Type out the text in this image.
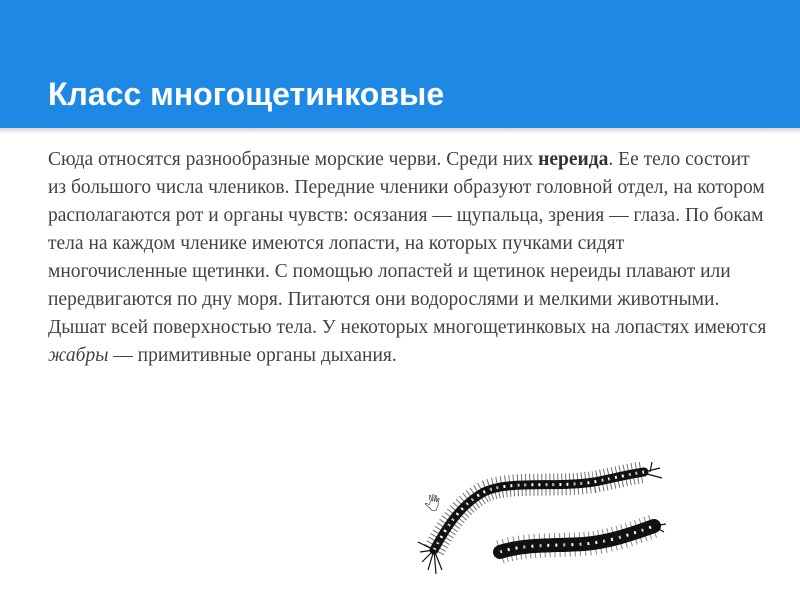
Класс многощетинковые

Сюда относятся разнообразные морские черви. Среди них нереида. Ее тело состоит из большого числа члеников. Передние членики образуют головной отдел, на котором располагаются рот и органы чувств: осязания — щупальца, зрения — глаза. По бокам тела на каждом членике имеются лопасти, на которых пучками сидят многочисленные щетинки. С помощью лопастей и щетинок нереиды плавают или передвигаются по дну моря. Питаются они водорослями и мелкими животными. Дышат всей поверхностью тела. У некоторых многощетинковых на лопастях имеются жабры — примитивные органы дыхания.

🖑
